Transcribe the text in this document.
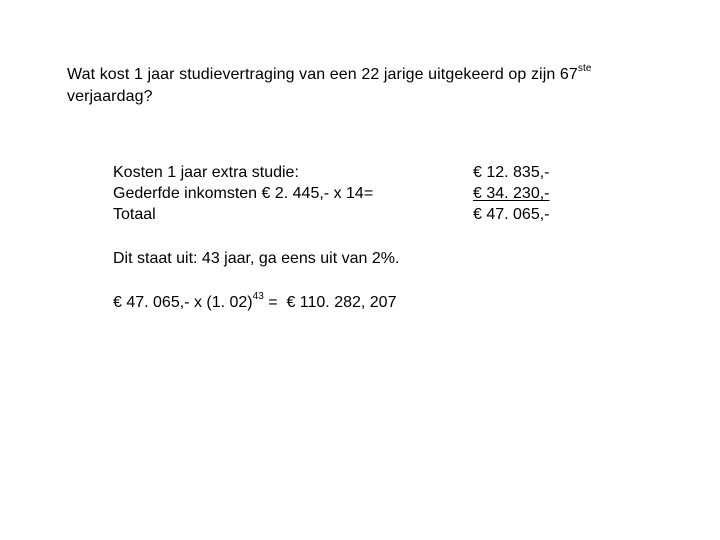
Wat kost 1 jaar studievertraging van een 22 jarige uitgekeerd op zijn 67ste
verjaardag?
Kosten 1 jaar extra studie:	€ 12. 835,-
Gederfde inkomsten € 2. 445,- x 14=	€ 34. 230,-
Totaal	€ 47. 065,-
Dit staat uit: 43 jaar, ga eens uit van 2%.
€ 47. 065,- x (1. 02)$^{43}$ =  € 110. 282, 207
